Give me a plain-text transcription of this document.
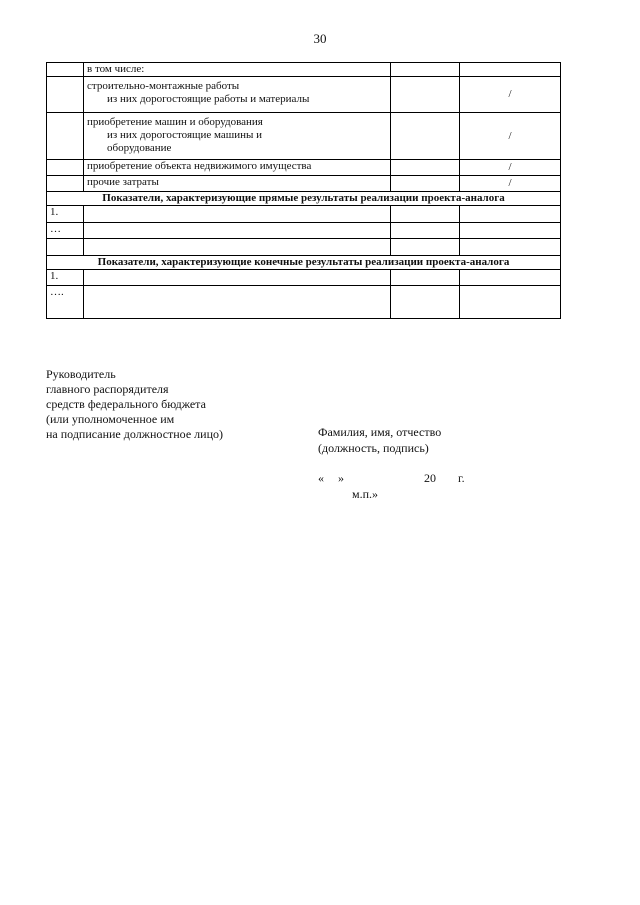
30
	в том числе:		
	строительно-монтажные работы
из них дорогостоящие работы и материалы		/
	приобретение машин и оборудования
из них дорогостоящие машины и
оборудование		/
	приобретение объекта недвижимого имущества		/
	прочие затраты		/
Показатели, характеризующие прямые результаты реализации проекта-аналога			
1.			
…			

Показатели, характеризующие конечные результаты реализации проекта-аналога			
1.			
….			
Руководитель
главного распорядителя
средств федерального бюджета
(или уполномоченное им
на подписание должностное лицо)	Фамилия, имя, отчество
(должность, подпись)
« »	20 г.
м.п.»
